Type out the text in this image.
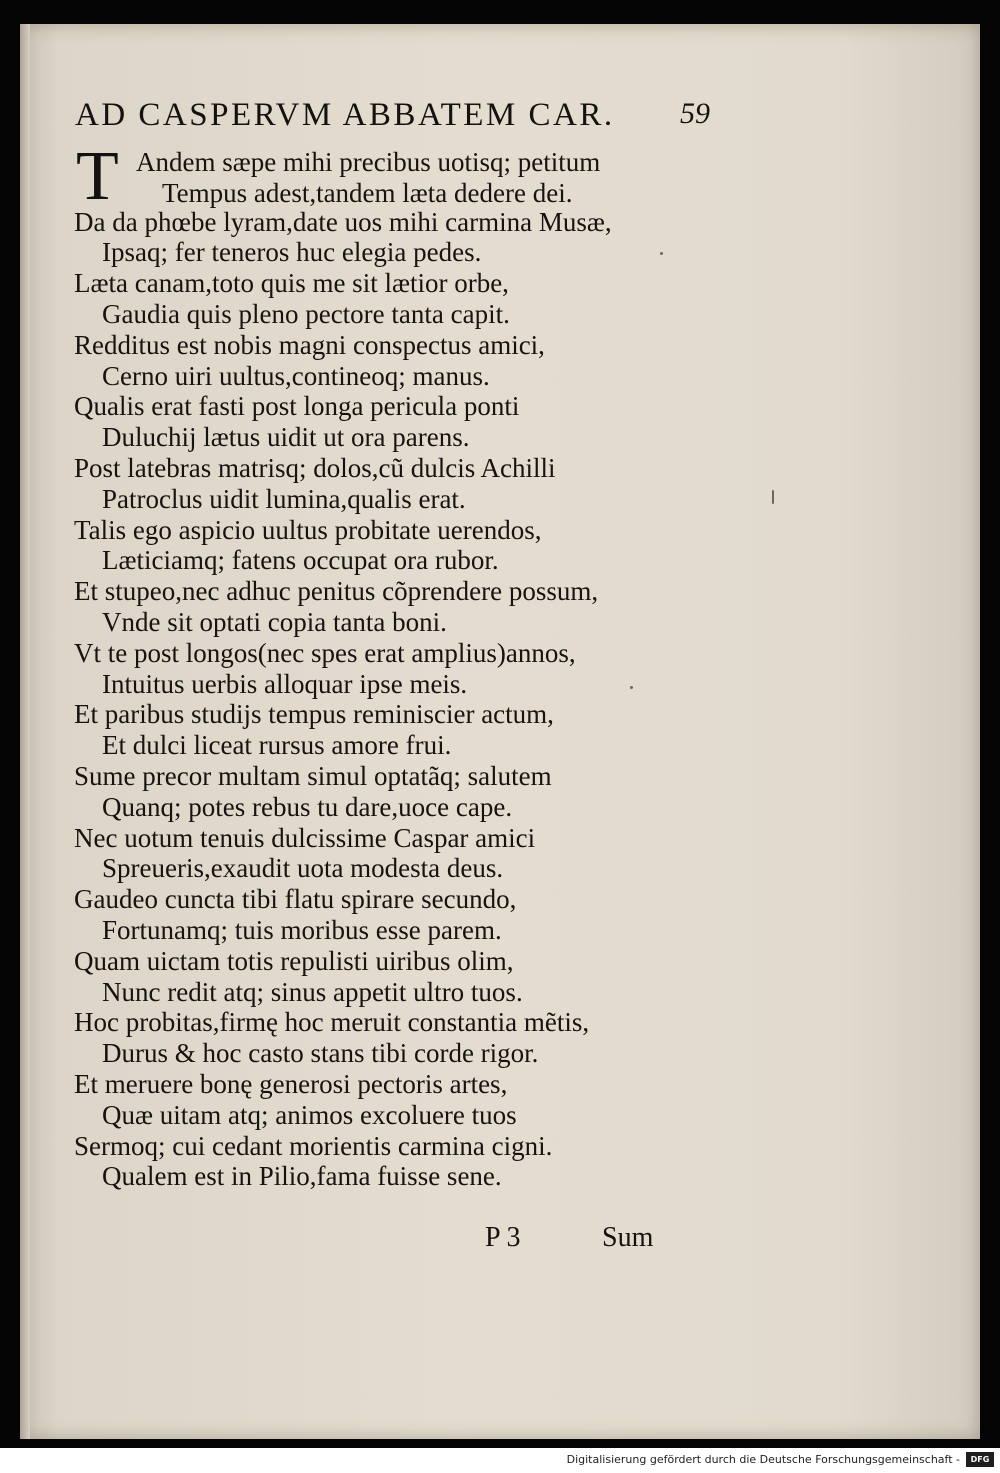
AD CASPERVM ABBATEM CAR. 59
T Andem sæpe mihi precibus uotisq; petitum
Tempus adest,tandem læta dedere dei.
Da da phœbe lyram,date uos mihi carmina Musæ,
Ipsaq; fer teneros huc elegia pedes.
Læta canam,toto quis me sit lætior orbe,
Gaudia quis pleno pectore tanta capit.
Redditus est nobis magni conspectus amici,
Cerno uiri uultus,contineoq; manus.
Qualis erat fasti post longa pericula ponti
Duluchij lætus uidit ut ora parens.
Post latebras matrisq; dolos,cũ dulcis Achilli
Patroclus uidit lumina,qualis erat.
Talis ego aspicio uultus probitate uerendos,
Læticiamq; fatens occupat ora rubor.
Et stupeo,nec adhuc penitus cõprendere possum,
Vnde sit optati copia tanta boni.
Vt te post longos(nec spes erat amplius)annos,
Intuitus uerbis alloquar ipse meis.
Et paribus studijs tempus reminiscier actum,
Et dulci liceat rursus amore frui.
Sume precor multam simul optatãq; salutem
Quanq; potes rebus tu dare,uoce cape.
Nec uotum tenuis dulcissime Caspar amici
Spreueris,exaudit uota modesta deus.
Gaudeo cuncta tibi flatu spirare secundo,
Fortunamq; tuis moribus esse parem.
Quam uictam totis repulisti uiribus olim,
Nunc redit atq; sinus appetit ultro tuos.
Hoc probitas,firmę hoc meruit constantia mẽtis,
Durus & hoc casto stans tibi corde rigor.
Et meruere bonę generosi pectoris artes,
Quæ uitam atq; animos excoluere tuos
Sermoq; cui cedant morientis carmina cigni.
Qualem est in Pilio,fama fuisse sene.
P 3	Sum
Digitalisierung gefördert durch die Deutsche Forschungsgemeinschaft -	DFG
